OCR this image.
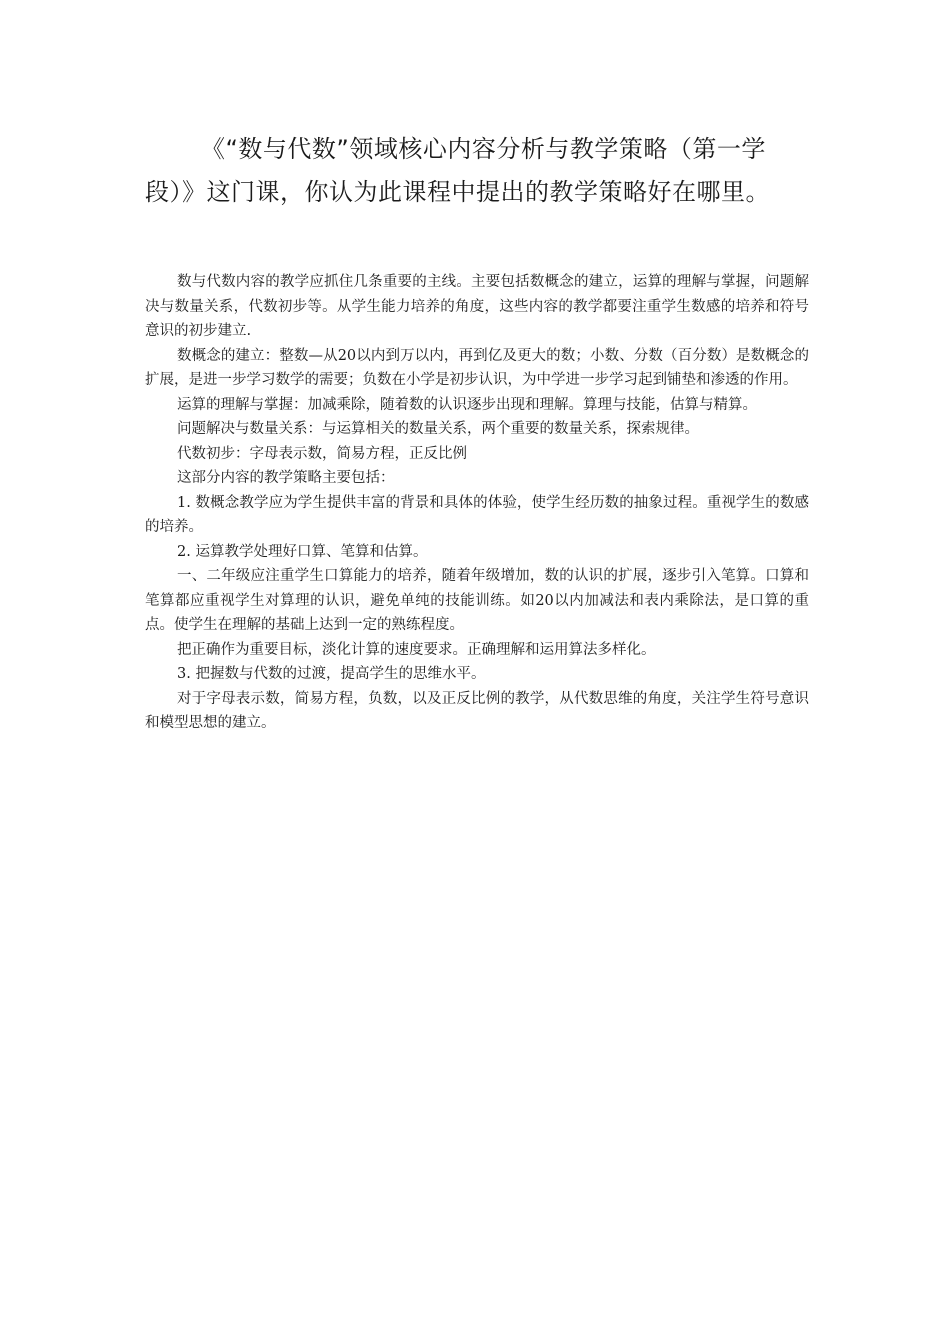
《“数与代数”领域核心内容分析与教学策略（第一学段）》这门课，你认为此课程中提出的教学策略好在哪里。

数与代数内容的教学应抓住几条重要的主线。主要包括数概念的建立，运算的理解与掌握，问题解决与数量关系，代数初步等。从学生能力培养的角度，这些内容的教学都要注重学生数感的培养和符号意识的初步建立.

数概念的建立：整数—从20以内到万以内，再到亿及更大的数；小数、分数（百分数）是数概念的扩展，是进一步学习数学的需要；负数在小学是初步认识，为中学进一步学习起到铺垫和渗透的作用。

运算的理解与掌握：加减乘除，随着数的认识逐步出现和理解。算理与技能，估算与精算。

问题解决与数量关系：与运算相关的数量关系，两个重要的数量关系，探索规律。

代数初步：字母表示数，简易方程，正反比例

这部分内容的教学策略主要包括：

1. 数概念教学应为学生提供丰富的背景和具体的体验，使学生经历数的抽象过程。重视学生的数感的培养。

2. 运算教学处理好口算、笔算和估算。

一、二年级应注重学生口算能力的培养，随着年级增加，数的认识的扩展，逐步引入笔算。口算和笔算都应重视学生对算理的认识，避免单纯的技能训练。如20以内加减法和表内乘除法，是口算的重点。使学生在理解的基础上达到一定的熟练程度。

把正确作为重要目标，淡化计算的速度要求。正确理解和运用算法多样化。

3. 把握数与代数的过渡，提高学生的思维水平。

对于字母表示数，简易方程，负数，以及正反比例的教学，从代数思维的角度，关注学生符号意识和模型思想的建立。
